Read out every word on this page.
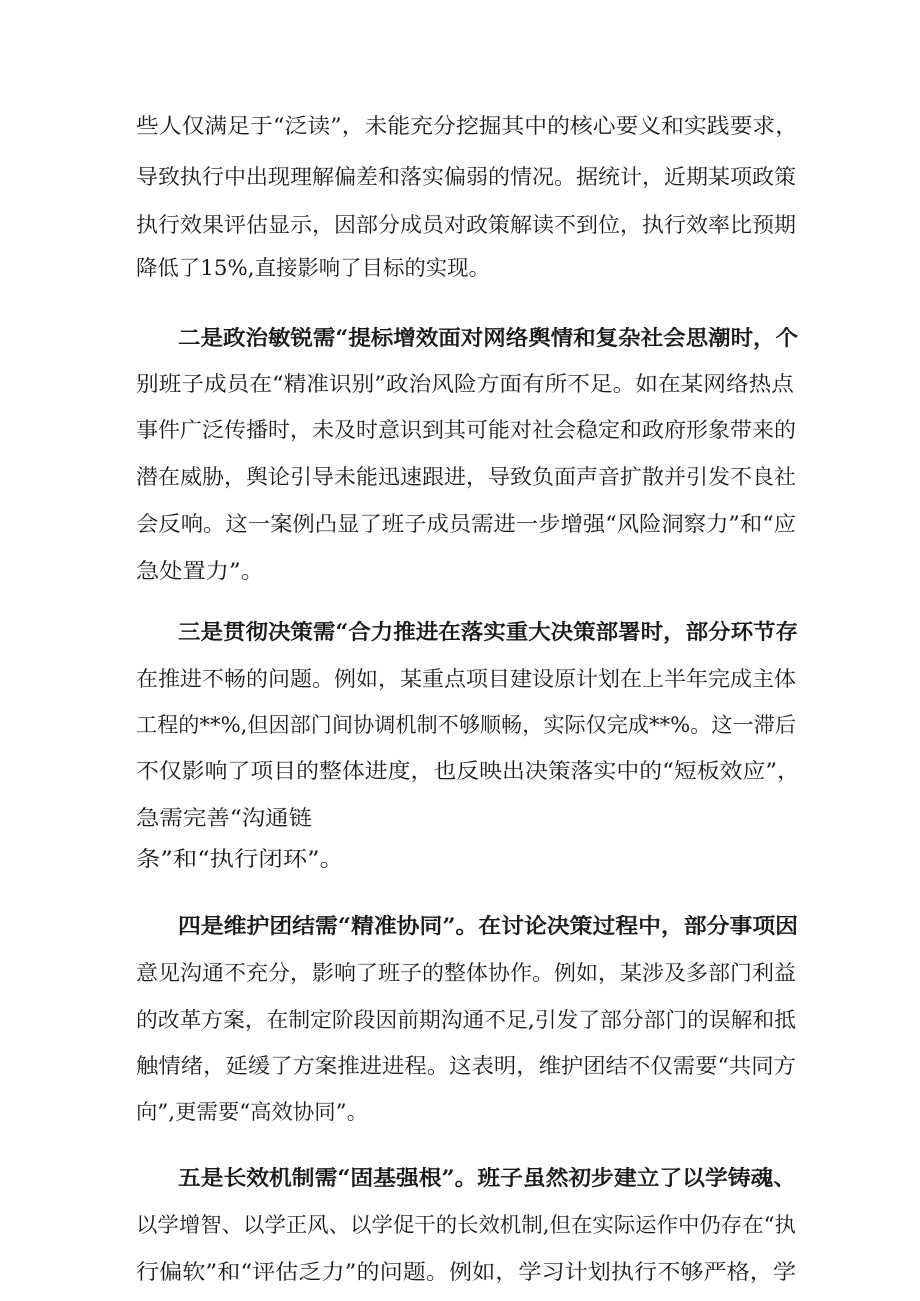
些人仅满足于“泛读”，未能充分挖掘其中的核心要义和实践要求，
导致执行中出现理解偏差和落实偏弱的情况。据统计，近期某项政策
执行效果评估显示，因部分成员对政策解读不到位，执行效率比预期
降低了15%,直接影响了目标的实现。
二是政治敏锐需“提标增效面对网络舆情和复杂社会思潮时，个
别班子成员在“精准识别”政治风险方面有所不足。如在某网络热点
事件广泛传播时，未及时意识到其可能对社会稳定和政府形象带来的
潜在威胁，舆论引导未能迅速跟进，导致负面声音扩散并引发不良社
会反响。这一案例凸显了班子成员需进一步增强“风险洞察力”和“应
急处置力”。
三是贯彻决策需“合力推进在落实重大决策部署时，部分环节存
在推进不畅的问题。例如，某重点项目建设原计划在上半年完成主体
工程的**%,但因部门间协调机制不够顺畅，实际仅完成**%。这一滞后
不仅影响了项目的整体进度，也反映出决策落实中的“短板效应”，
急需完善“沟通链
条”和“执行闭环”。
四是维护团结需“精准协同”。在讨论决策过程中，部分事项因
意见沟通不充分，影响了班子的整体协作。例如，某涉及多部门利益
的改革方案，在制定阶段因前期沟通不足,引发了部分部门的误解和抵
触情绪，延缓了方案推进进程。这表明，维护团结不仅需要“共同方
向”,更需要“高效协同”。
五是长效机制需“固基强根”。班子虽然初步建立了以学铸魂、
以学增智、以学正风、以学促干的长效机制,但在实际运作中仍存在“执
行偏软”和“评估乏力”的问题。例如，学习计划执行不够严格，学
